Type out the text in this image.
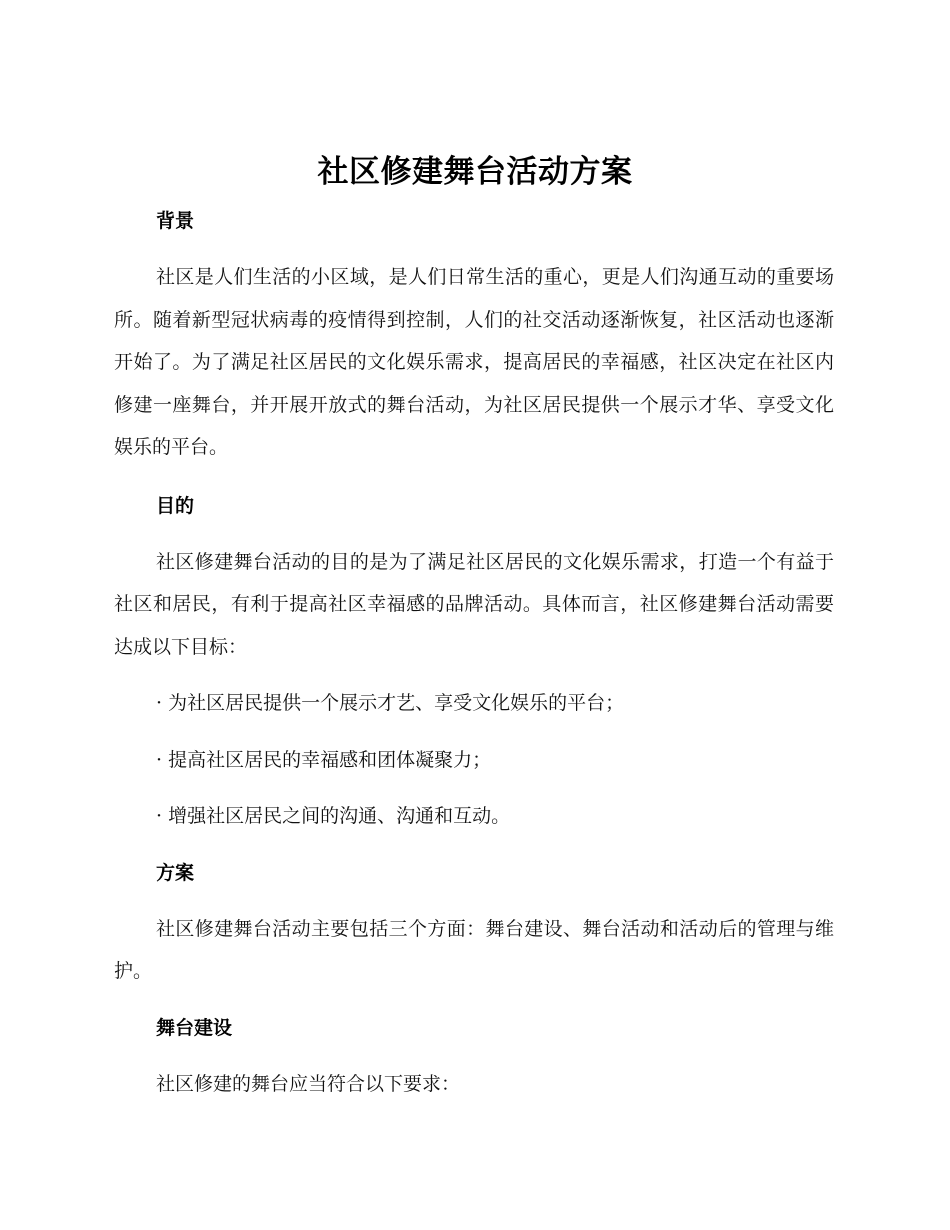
社区修建舞台活动方案
背景

社区是人们生活的小区域，是人们日常生活的重心，更是人们沟通互动的重要场所。随着新型冠状病毒的疫情得到控制，人们的社交活动逐渐恢复，社区活动也逐渐开始了。为了满足社区居民的文化娱乐需求，提高居民的幸福感，社区决定在社区内修建一座舞台，并开展开放式的舞台活动，为社区居民提供一个展示才华、享受文化娱乐的平台。

目的

社区修建舞台活动的目的是为了满足社区居民的文化娱乐需求，打造一个有益于社区和居民，有利于提高社区幸福感的品牌活动。具体而言，社区修建舞台活动需要达成以下目标：

· 为社区居民提供一个展示才艺、享受文化娱乐的平台；

· 提高社区居民的幸福感和团体凝聚力；

· 增强社区居民之间的沟通、沟通和互动。

方案

社区修建舞台活动主要包括三个方面：舞台建设、舞台活动和活动后的管理与维护。

舞台建设

社区修建的舞台应当符合以下要求：
